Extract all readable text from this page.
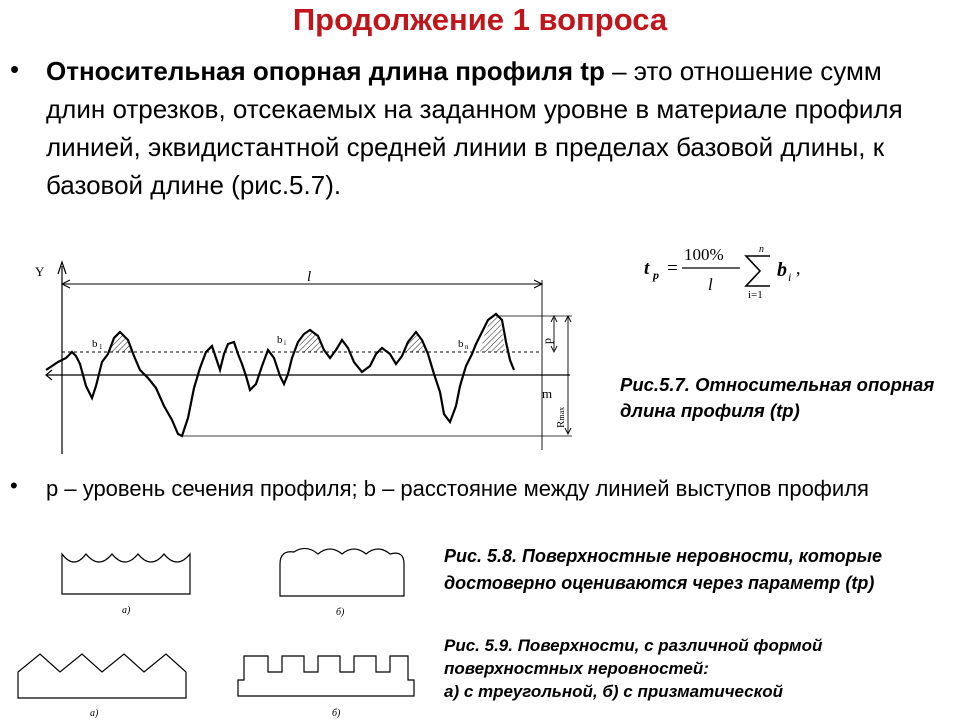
Продолжение 1 вопроса
• Относительная опорная длина профиля tp – это отношение сумм длин отрезков, отсекаемых на заданном уровне в материале профиля линией, эквидистантной средней линии в пределах базовой длины, к базовой длине (рис.5.7).
t p =
100%
l
n
i=1
b i ,
Y	l
m
b 1
b i	b n
p
Rmax
Рис.5.7. Относительная опорная длина профиля (tp)
• p – уровень сечения профиля; b – расстояние между линией выступов профиля
а)	б)
Рис. 5.8. Поверхностные неровности, которые достоверно оцениваются через параметр (tp)
а)	б)
Рис. 5.9. Поверхности, с различной формой
поверхностных неровностей:
а) с треугольной, б) с призматической
